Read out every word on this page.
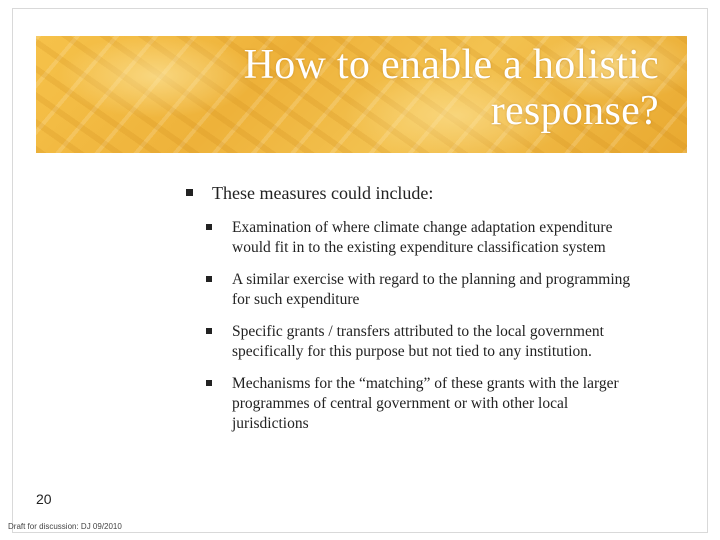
How to enable a holistic
response?
These measures could include:
Examination of where climate change adaptation expenditure would fit in to the existing expenditure classification system
A similar exercise with regard to the planning and programming for such expenditure
Specific grants / transfers attributed to the local government specifically for this purpose but not tied to any institution.
Mechanisms for the “matching” of these grants with the larger programmes of central government or with other local jurisdictions
20
Draft for discussion: DJ 09/2010
